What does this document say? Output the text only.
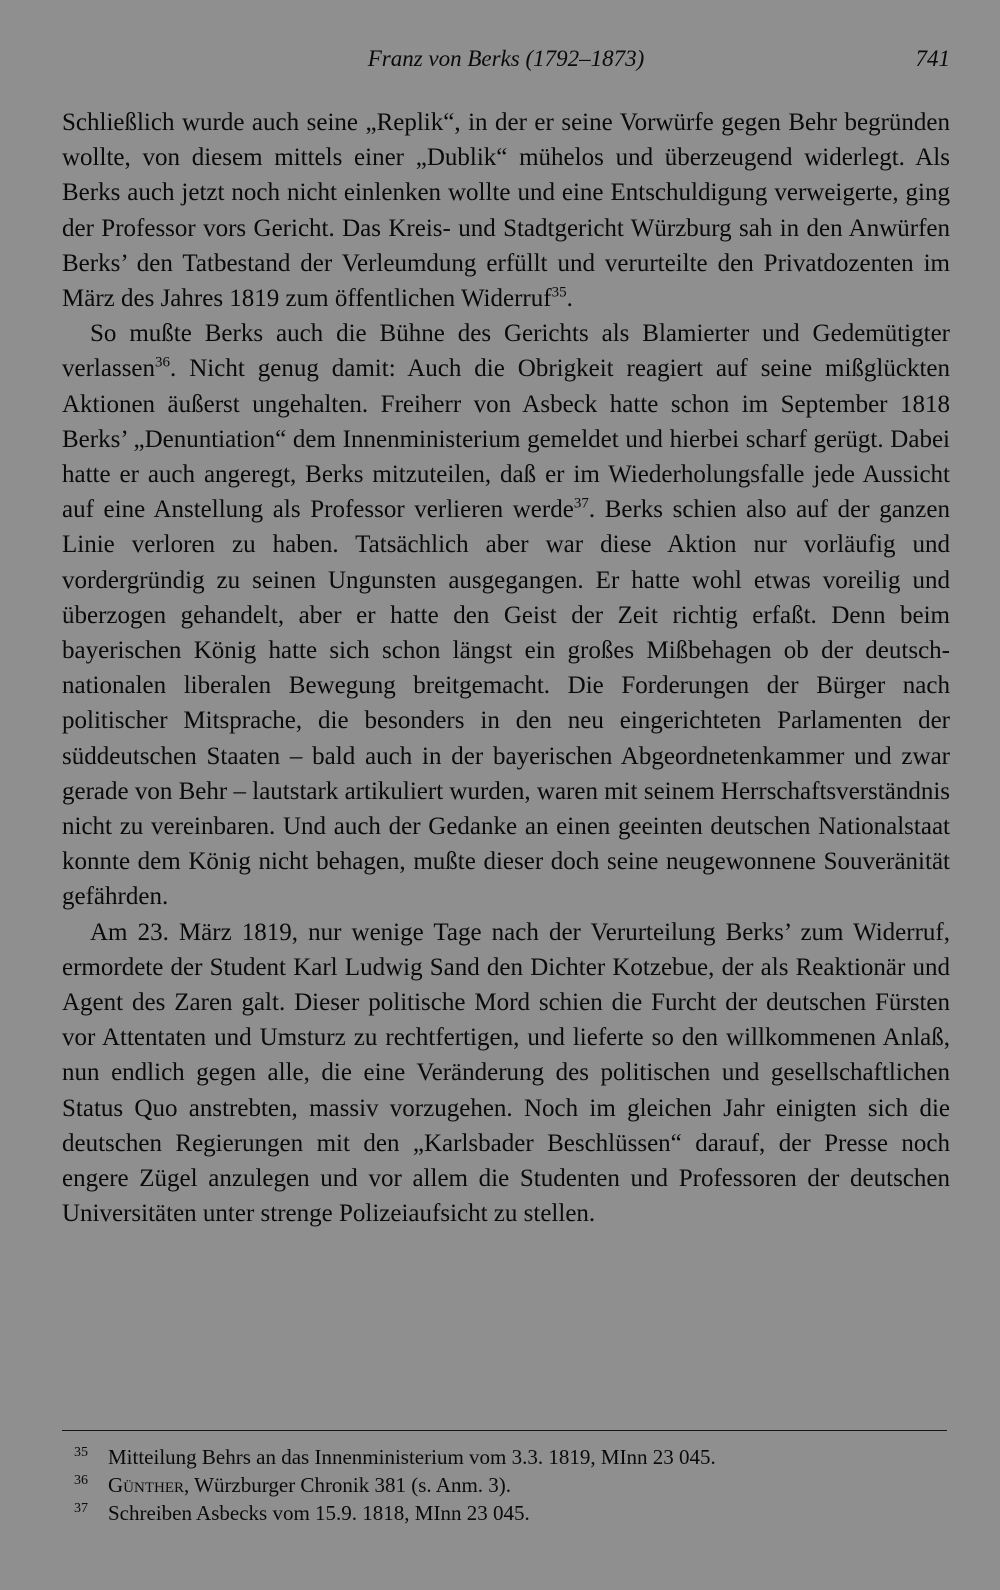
Franz von Berks (1792–1873)	741

Schließlich wurde auch seine „Replik“, in der er seine Vorwürfe gegen Behr begründen wollte, von diesem mittels einer „Dublik“ mühelos und überzeugend widerlegt. Als Berks auch jetzt noch nicht einlenken wollte und eine Entschuldigung verweigerte, ging der Professor vors Gericht. Das Kreis- und Stadtgericht Würzburg sah in den Anwürfen Berks’ den Tatbestand der Verleumdung erfüllt und verurteilte den Privatdozenten im März des Jahres 1819 zum öffentlichen Widerruf$^{35}$.

So mußte Berks auch die Bühne des Gerichts als Blamierter und Gedemütigter verlassen$^{36}$. Nicht genug damit: Auch die Obrigkeit reagiert auf seine mißglückten Aktionen äußerst ungehalten. Freiherr von Asbeck hatte schon im September 1818 Berks’ „Denuntiation“ dem Innenministerium gemeldet und hierbei scharf gerügt. Dabei hatte er auch angeregt, Berks mitzuteilen, daß er im Wiederholungsfalle jede Aussicht auf eine Anstellung als Professor verlieren werde$^{37}$. Berks schien also auf der ganzen Linie verloren zu haben. Tatsächlich aber war diese Aktion nur vorläufig und vordergründig zu seinen Ungunsten ausgegangen. Er hatte wohl etwas voreilig und überzogen gehandelt, aber er hatte den Geist der Zeit richtig erfaßt. Denn beim bayerischen König hatte sich schon längst ein großes Mißbehagen ob der deutsch-nationalen liberalen Bewegung breitgemacht. Die Forderungen der Bürger nach politischer Mitsprache, die besonders in den neu eingerichteten Parlamenten der süddeutschen Staaten – bald auch in der bayerischen Abgeordnetenkammer und zwar gerade von Behr – lautstark artikuliert wurden, waren mit seinem Herrschaftsverständnis nicht zu vereinbaren. Und auch der Gedanke an einen geeinten deutschen Nationalstaat konnte dem König nicht behagen, mußte dieser doch seine neugewonnene Souveränität gefährden.

Am 23. März 1819, nur wenige Tage nach der Verurteilung Berks’ zum Widerruf, ermordete der Student Karl Ludwig Sand den Dichter Kotzebue, der als Reaktionär und Agent des Zaren galt. Dieser politische Mord schien die Furcht der deutschen Fürsten vor Attentaten und Umsturz zu rechtfertigen, und lieferte so den willkommenen Anlaß, nun endlich gegen alle, die eine Veränderung des politischen und gesellschaftlichen Status Quo anstrebten, massiv vorzugehen. Noch im gleichen Jahr einigten sich die deutschen Regierungen mit den „Karlsbader Beschlüssen“ darauf, der Presse noch engere Zügel anzulegen und vor allem die Studenten und Professoren der deutschen Universitäten unter strenge Polizeiaufsicht zu stellen.

35 Mitteilung Behrs an das Innenministerium vom 3.3. 1819, MInn 23 045.

36 Günther, Würzburger Chronik 381 (s. Anm. 3).

37 Schreiben Asbecks vom 15.9. 1818, MInn 23 045.
